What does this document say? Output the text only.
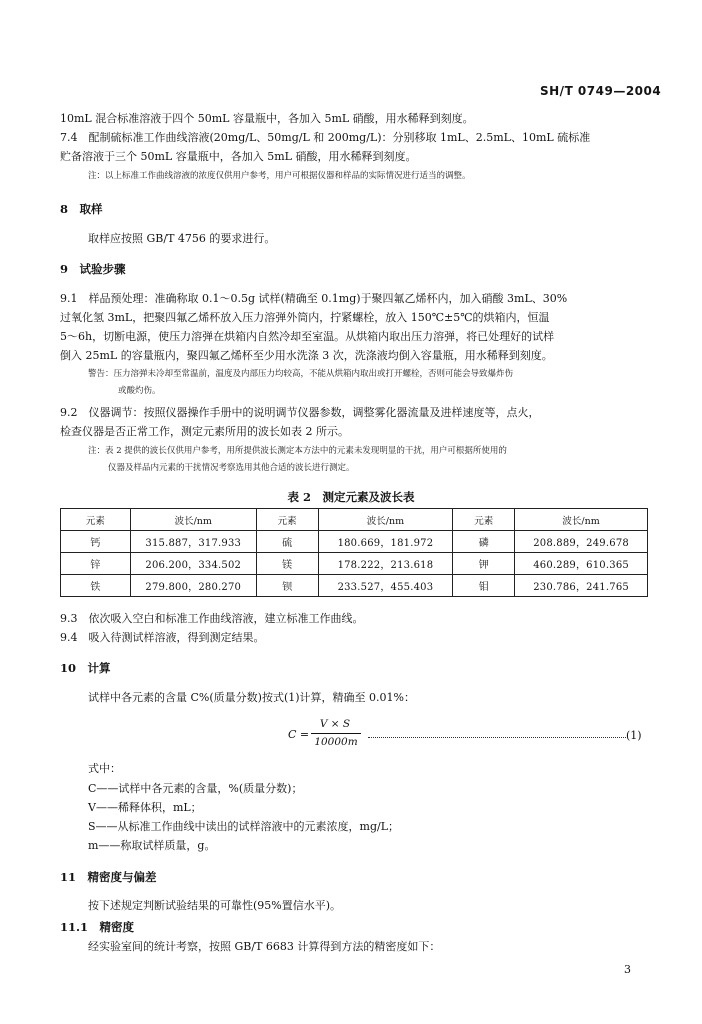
SH/T 0749—2004
10mL 混合标准溶液于四个 50mL 容量瓶中，各加入 5mL 硝酸，用水稀释到刻度。
7.4　配制硫标准工作曲线溶液(20mg/L、50mg/L 和 200mg/L)：分别移取 1mL、2.5mL、10mL 硫标准
贮备溶液于三个 50mL 容量瓶中，各加入 5mL 硝酸，用水稀释到刻度。
注：以上标准工作曲线溶液的浓度仅供用户参考，用户可根据仪器和样品的实际情况进行适当的调整。
8　取样
取样应按照 GB/T 4756 的要求进行。
9　试验步骤
9.1　样品预处理：准确称取 0.1～0.5g 试样(精确至 0.1mg)于聚四氟乙烯杯内，加入硝酸 3mL、30%
过氧化氢 3mL，把聚四氟乙烯杯放入压力溶弹外筒内，拧紧螺栓，放入 150℃±5℃的烘箱内，恒温
5～6h，切断电源，使压力溶弹在烘箱内自然冷却至室温。从烘箱内取出压力溶弹，将已处理好的试样
倒入 25mL 的容量瓶内，聚四氟乙烯杯至少用水洗涤 3 次，洗涤液均倒入容量瓶，用水稀释到刻度。
警告：压力溶弹未冷却至常温前，温度及内部压力均较高，不能从烘箱内取出或打开螺栓，否则可能会导致爆炸伤
或酸灼伤。
9.2　仪器调节：按照仪器操作手册中的说明调节仪器参数，调整雾化器流量及进样速度等，点火，
检查仪器是否正常工作，测定元素所用的波长如表 2 所示。
注：表 2 提供的波长仅供用户参考，用所提供波长测定本方法中的元素未发现明显的干扰，用户可根据所使用的
仪器及样品内元素的干扰情况考察选用其他合适的波长进行测定。
表 2　测定元素及波长表
元素	波长/nm	元素	波长/nm	元素	波长/nm
钙	315.887，317.933	硫	180.669，181.972	磷	208.889，249.678
锌	206.200，334.502	镁	178.222，213.618	钾	460.289，610.365
铁	279.800，280.270	钡	233.527，455.403	钼	230.786，241.765
9.3　依次吸入空白和标准工作曲线溶液，建立标准工作曲线。
9.4　吸入待测试样溶液，得到测定结果。
10　计算
试样中各元素的含量 C%(质量分数)按式(1)计算，精确至 0.01%：
C =
V × S
10000m	(1)
式中：
C——试样中各元素的含量，%(质量分数)；
V——稀释体积，mL；
S——从标准工作曲线中读出的试样溶液中的元素浓度，mg/L；
m——称取试样质量，g。
11　精密度与偏差
按下述规定判断试验结果的可靠性(95%置信水平)。
11.1　精密度
经实验室间的统计考察，按照 GB/T 6683 计算得到方法的精密度如下：
3
